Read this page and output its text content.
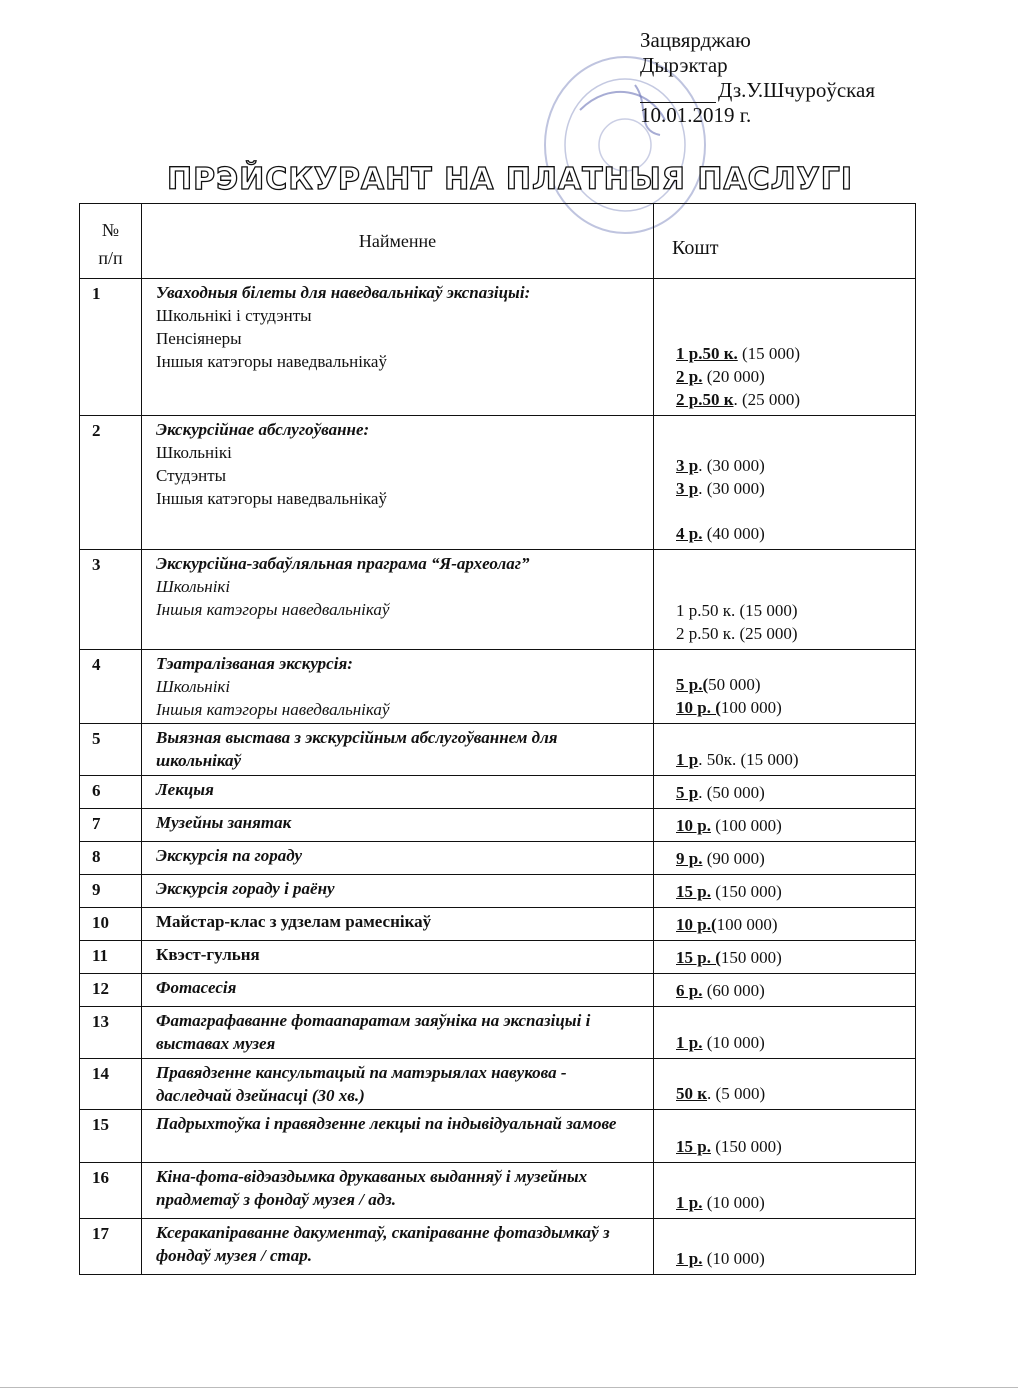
Зацвярджаю
Дырэктар
Дз.У.Шчуроўская
10.01.2019 г.
ПРЭЙСКУРАНТ НА ПЛАТНЫЯ ПАСЛУГІ
№
п/п	Найменне	Кошт
1	Уваходныя білеты для наведвальнікаў экспазіцыі:
Школьнікі і студэнты
Пенсіянеры
Іншыя катэгоры наведвальнікаў	1 р.50 к. (15 000)
2 р. (20 000)
2 р.50 к. (25 000)

2	Экскурсійнае абслугоўванне:
Школьнікі
Студэнты
Іншыя катэгоры наведвальнікаў	3 р. (30 000)
3 р. (30 000)
4 р. (40 000)

3	Экскурсійна-забаўляльная праграма “Я-археолаг”
Школьнікі
Іншыя катэгоры наведвальнікаў	1 р.50 к. (15 000)
2 р.50 к. (25 000)

4	Тэатралізваная экскурсія:
Школьнікі
Іншыя катэгоры наведвальнікаў	5 р.(50 000)
10 р. (100 000)

5	Выязная выстава з экскурсійным абслугоўваннем для школьнікаў	1 р. 50к. (15 000)

6	Лекцыя	5 р. (50 000)

7	Музейны занятак	10 р. (100 000)

8	Экскурсія па гораду	9 р. (90 000)

9	Экскурсія гораду і раёну	15 р. (150 000)

10	Майстар-клас з удзелам рамеснікаў	10 р.(100 000)

11	Квэст-гульня	15 р. (150 000)

12	Фотасесія	6 р. (60 000)

13	Фатаграфаванне фотаапаратам заяўніка на экспазіцыі і выставах музея	1 р. (10 000)

14	Правядзенне кансультацый па матэрыялах навукова - даследчай дзейнасці (30 хв.)	50 к. (5 000)

15	Падрыхтоўка і правядзенне лекцыі па індывідуальнай замове	15 р. (150 000)

16	Кіна-фота-відэаздымка друкаваных выданняў і музейных прадметаў з фондаў музея / адз.	1 р. (10 000)

17	Ксеракапіраванне дакументаў, скапіраванне фотаздымкаў з фондаў музея / стар.	1 р. (10 000)
